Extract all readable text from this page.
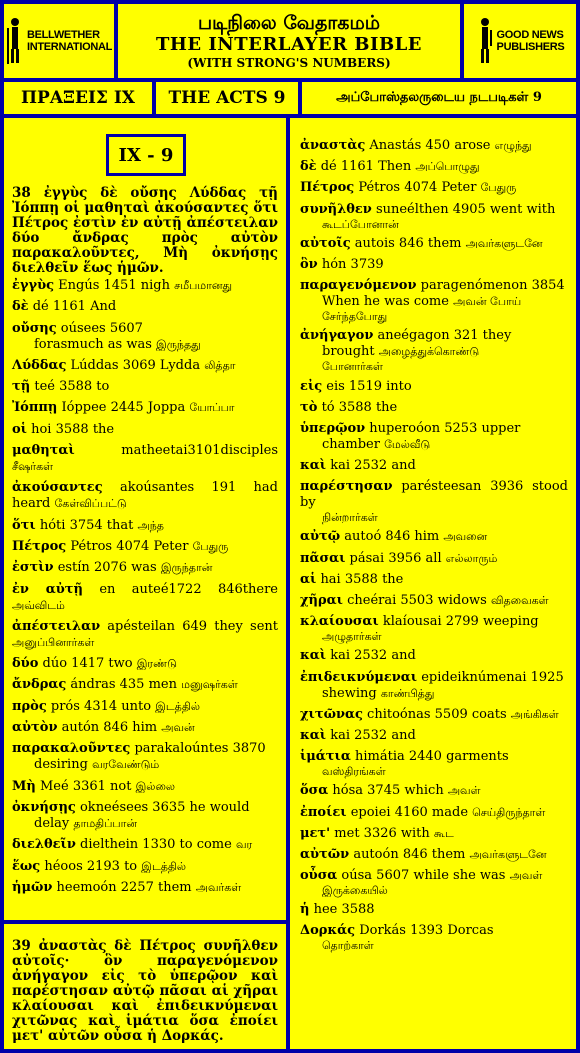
BELLWETHER
INTERNATIONAL
படிநிலை வேதாகமம்
THE INTERLAYER BIBLE
(WITH STRONG'S NUMBERS)
GOOD NEWS
PUBLISHERS
ΠΡΑΞΕΙΣ IX	THE ACTS 9	அப்போஸ்தலருடைய நடபடிகள் 9
IX - 9
38 ἐγγὺς δὲ οὔσης Λύδδας τῇ Ἰόππῃ οἱ μαθηταὶ ἀκούσαντες ὅτι Πέτρος ἐστὶν ἐν αὐτῇ ἀπέστειλαν δύο ἄνδρας πρὸς αὐτὸν παρακαλοῦντες, Μὴ ὀκνήσῃς διελθεῖν ἕως ἡμῶν.
ἐγγὺς Engús 1451 nigh சமீபமானது
δὲ dé 1161 And
οὔσης oúsees 5607
forasmuch as was இருந்தது
Λύδδας Lúddas 3069 Lydda லித்தா
τῇ teé 3588 to
Ἰόππῃ Ióppee 2445 Joppa யோப்பா
οἱ hoi 3588 the
μαθηταὶ	matheetai3101disciples சீஷர்கள்
ἀκούσαντες akoúsantes 191 had heard கேள்விப்பட்டு
ὅτι hóti 3754 that அந்த
Πέτρος Pétros 4074 Peter பேதுரு
ἐστὶν estín 2076 was இருந்தான்
ἐν αὐτῇ en auteé1722 846there அவ்விடம்
ἀπέστειλαν apésteilan 649 they sent அனுப்பினார்கள்
δύο dúo 1417 two இரண்டு
ἄνδρας ándras 435 men மனுஷர்கள்
πρὸς prós 4314 unto இடத்தில்
αὐτὸν autón 846 him அவன்
παρακαλοῦντες parakaloúntes 3870
desiring வரவேண்டும்
Μὴ Meé 3361 not இல்லை
ὀκνήσῃς okneésees 3635 he would
delay தாமதிப்பான்
διελθεῖν dielthein 1330 to come வர
ἕως héoos 2193 to இடத்தில்
ἡμῶν heemoón 2257 them அவர்கள்
39 ἀναστὰς δὲ Πέτρος συνῆλθεν αὐτοῖς· ὃν παραγενόμενον ἀνήγαγον εἰς τὸ ὑπερῷον καὶ παρέστησαν αὐτῷ πᾶσαι αἱ χῆραι κλαίουσαι καὶ ἐπιδεικνύμεναι χιτῶνας καὶ ἱμάτια ὅσα ἐποίει μετ' αὐτῶν οὖσα ἡ Δορκάς.
ἀναστὰς Anastás 450 arose எழுந்து
δὲ dé 1161 Then அப்பொழுது
Πέτρος Pétros 4074 Peter பேதுரு
συνῆλθεν suneélthen 4905 went with
கூடப்போனான்
αὐτοῖς autois 846 them அவர்களுடனே
ὃν hón 3739
παραγενόμενον paragenómenon 3854
When he was come அவன் போய்
சேர்ந்தபோது
ἀνήγαγον aneégagon 321 they
brought அழைத்துக்கொண்டு
போனார்கள்
εἰς eis 1519 into
τὸ tó 3588 the
ὑπερῷον huperoóon 5253 upper
chamber மேல்வீடு
καὶ kai 2532 and
παρέστησαν parésteesan 3936 stood by
நின்றார்கள்
αὐτῷ autoó 846 him அவனை
πᾶσαι pásai 3956 all எல்லாரும்
αἱ hai 3588 the
χῆραι cheérai 5503 widows விதவைகள்
κλαίουσαι klaíousai 2799 weeping
அழுதார்கள்
καὶ kai 2532 and
ἐπιδεικνύμεναι epideiknúmenai 1925
shewing காண்பித்து
χιτῶνας chitoónas 5509 coats அங்கிகள்
καὶ kai 2532 and
ἱμάτια himátia 2440 garments
வஸ்திரங்கள்
ὅσα hósa 3745 which அவள்
ἐποίει epoiei 4160 made செய்திருந்தாள்
μετ' met 3326 with கூட
αὐτῶν autoón 846 them அவர்களுடனே
οὖσα oúsa 5607 while she was அவள்
இருக்கையில்
ἡ hee 3588
Δορκάς Dorkás 1393 Dorcas
தொற்காள்
